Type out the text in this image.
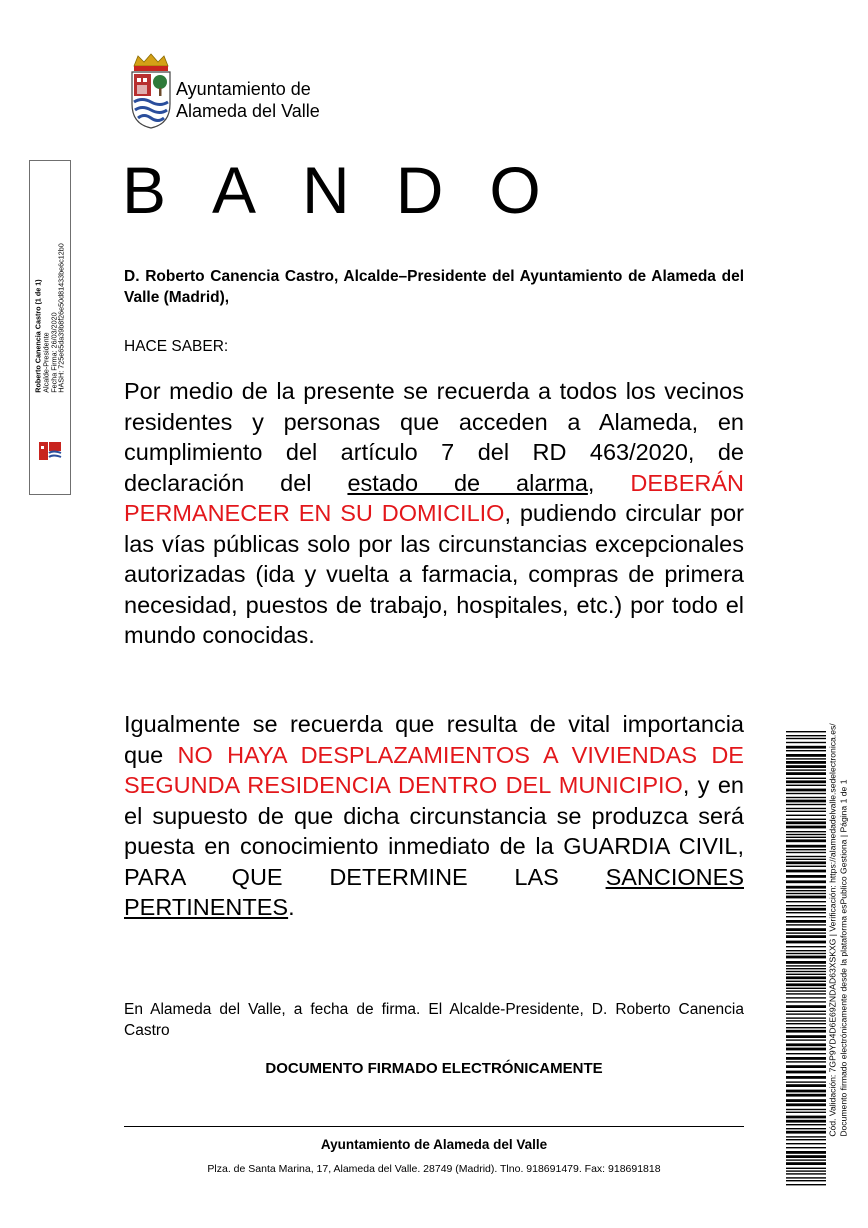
Ayuntamiento de
Alameda del Valle
BANDO
D. Roberto Canencia Castro, Alcalde–Presidente del Ayuntamiento de Alameda del Valle (Madrid),
HACE SABER:
Por medio de la presente se recuerda a todos los vecinos residentes y personas que acceden a Alameda, en cumplimiento del artículo 7 del RD 463/2020, de declaración del estado de alarma, DEBERÁN PERMANECER EN SU DOMICILIO, pudiendo circular por las vías públicas solo por las circunstancias excepcionales autorizadas (ida y vuelta a farmacia, compras de primera necesidad, puestos de trabajo, hospitales, etc.) por todo el mundo conocidas.
Igualmente se recuerda que resulta de vital importancia que NO HAYA DESPLAZAMIENTOS A VIVIENDAS DE SEGUNDA RESIDENCIA DENTRO DEL MUNICIPIO, y en el supuesto de que dicha circunstancia se produzca será puesta en conocimiento inmediato de la GUARDIA CIVIL, PARA QUE DETERMINE LAS SANCIONES PERTINENTES.
En Alameda del Valle, a fecha de firma. El Alcalde-Presidente, D. Roberto Canencia Castro
DOCUMENTO FIRMADO ELECTRÓNICAMENTE
Ayuntamiento de Alameda del Valle
Plza. de Santa Marina, 17, Alameda del Valle. 28749 (Madrid). Tlno. 918691479. Fax: 918691818
Roberto Canencia Castro (1 de 1)
Alcalde-Presidente
Fecha Firma: 26/03/2020
HASH: 725e65da39b8f26e50d81433be6c12b0
Cód. Validación: 7GP9YD4D6E69ZNDAD63XSKXG | Verificación: https://alamedadelvalle.sedelectronica.es/ Documento firmado electrónicamente desde la plataforma esPublico Gestiona | Página 1 de 1
